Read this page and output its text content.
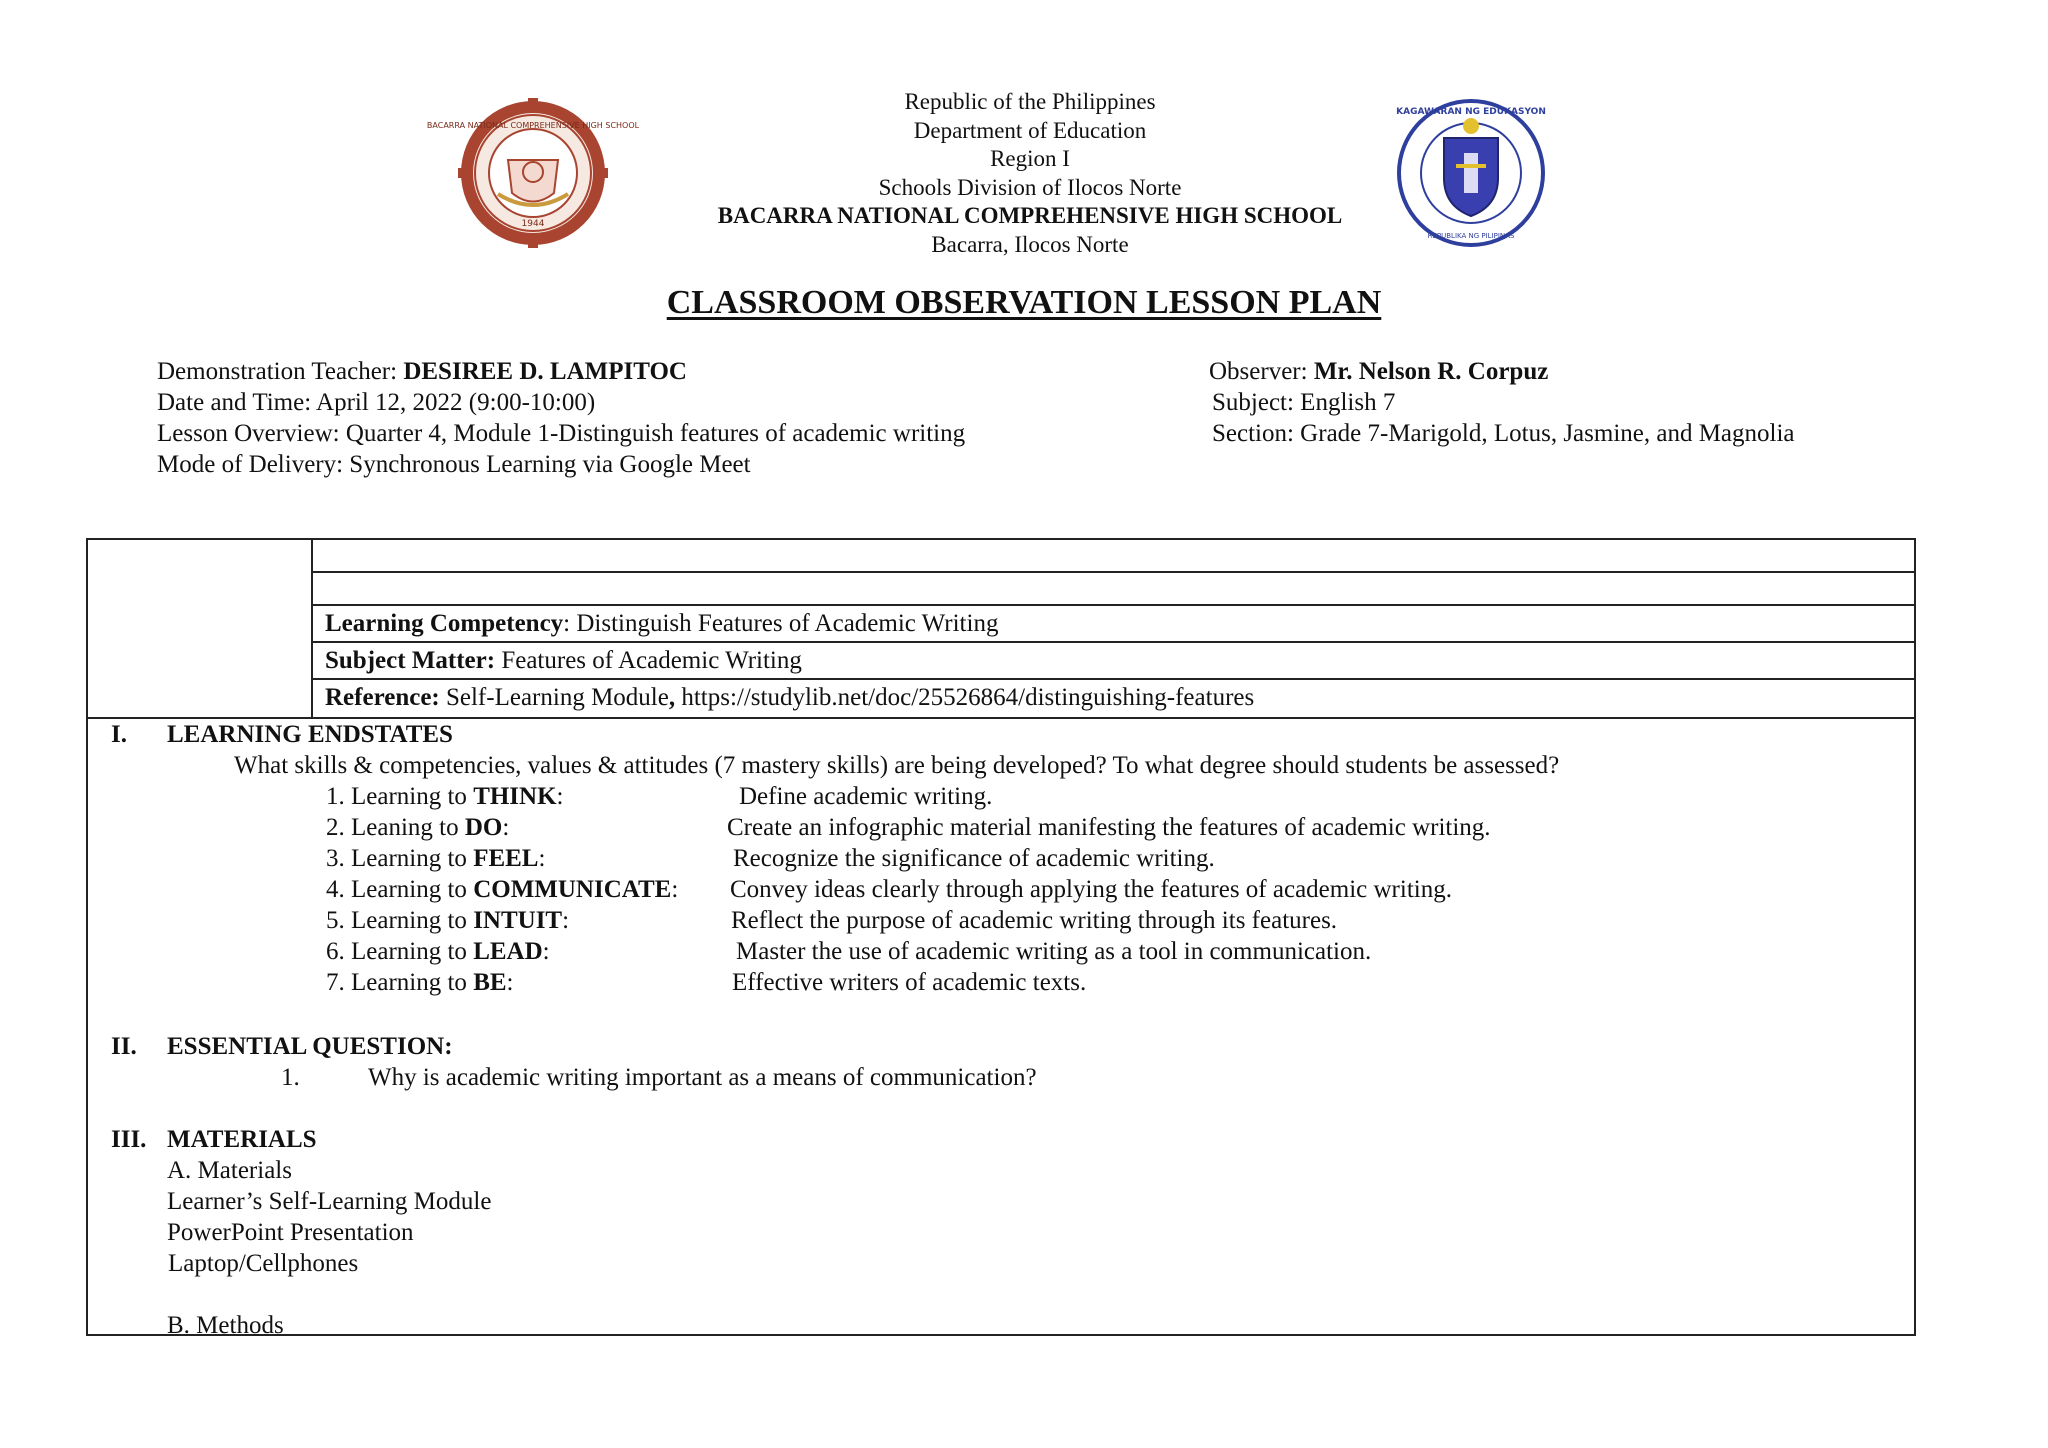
BACARRA NATIONAL COMPREHENSIVE HIGH SCHOOL
1944
KAGAWARAN NG EDUKASYON
REPUBLIKA NG PILIPINAS
Republic of the Philippines
Department of Education
Region I
Schools Division of Ilocos Norte
BACARRA NATIONAL COMPREHENSIVE HIGH SCHOOL
Bacarra, Ilocos Norte
CLASSROOM OBSERVATION LESSON PLAN
Demonstration Teacher: DESIREE D. LAMPITOC
Date and Time: April 12, 2022 (9:00-10:00)
Lesson Overview: Quarter 4, Module 1-Distinguish features of academic writing
Mode of Delivery: Synchronous Learning via Google Meet
Observer: Mr. Nelson R. Corpuz
Subject: English 7
Section: Grade 7-Marigold, Lotus, Jasmine, and Magnolia
Learning Competency: Distinguish Features of Academic Writing
Subject Matter: Features of Academic Writing
Reference: Self-Learning Module, https://studylib.net/doc/25526864/distinguishing-features
I. LEARNING ENDSTATES
What skills & competencies, values & attitudes (7 mastery skills) are being developed? To what degree should students be assessed?
1. Learning to THINK:	Define academic writing.
2. Leaning to DO:	Create an infographic material manifesting the features of academic writing.
3. Learning to FEEL:	Recognize the significance of academic writing.
4. Learning to COMMUNICATE: Convey ideas clearly through applying the features of academic writing.
5. Learning to INTUIT:	Reflect the purpose of academic writing through its features.
6. Learning to LEAD:	Master the use of academic writing as a tool in communication.
7. Learning to BE:	Effective writers of academic texts.
II. ESSENTIAL QUESTION:
1.	Why is academic writing important as a means of communication?
III. MATERIALS
A. Materials
Learner’s Self-Learning Module
PowerPoint Presentation
Laptop/Cellphones
B. Methods
